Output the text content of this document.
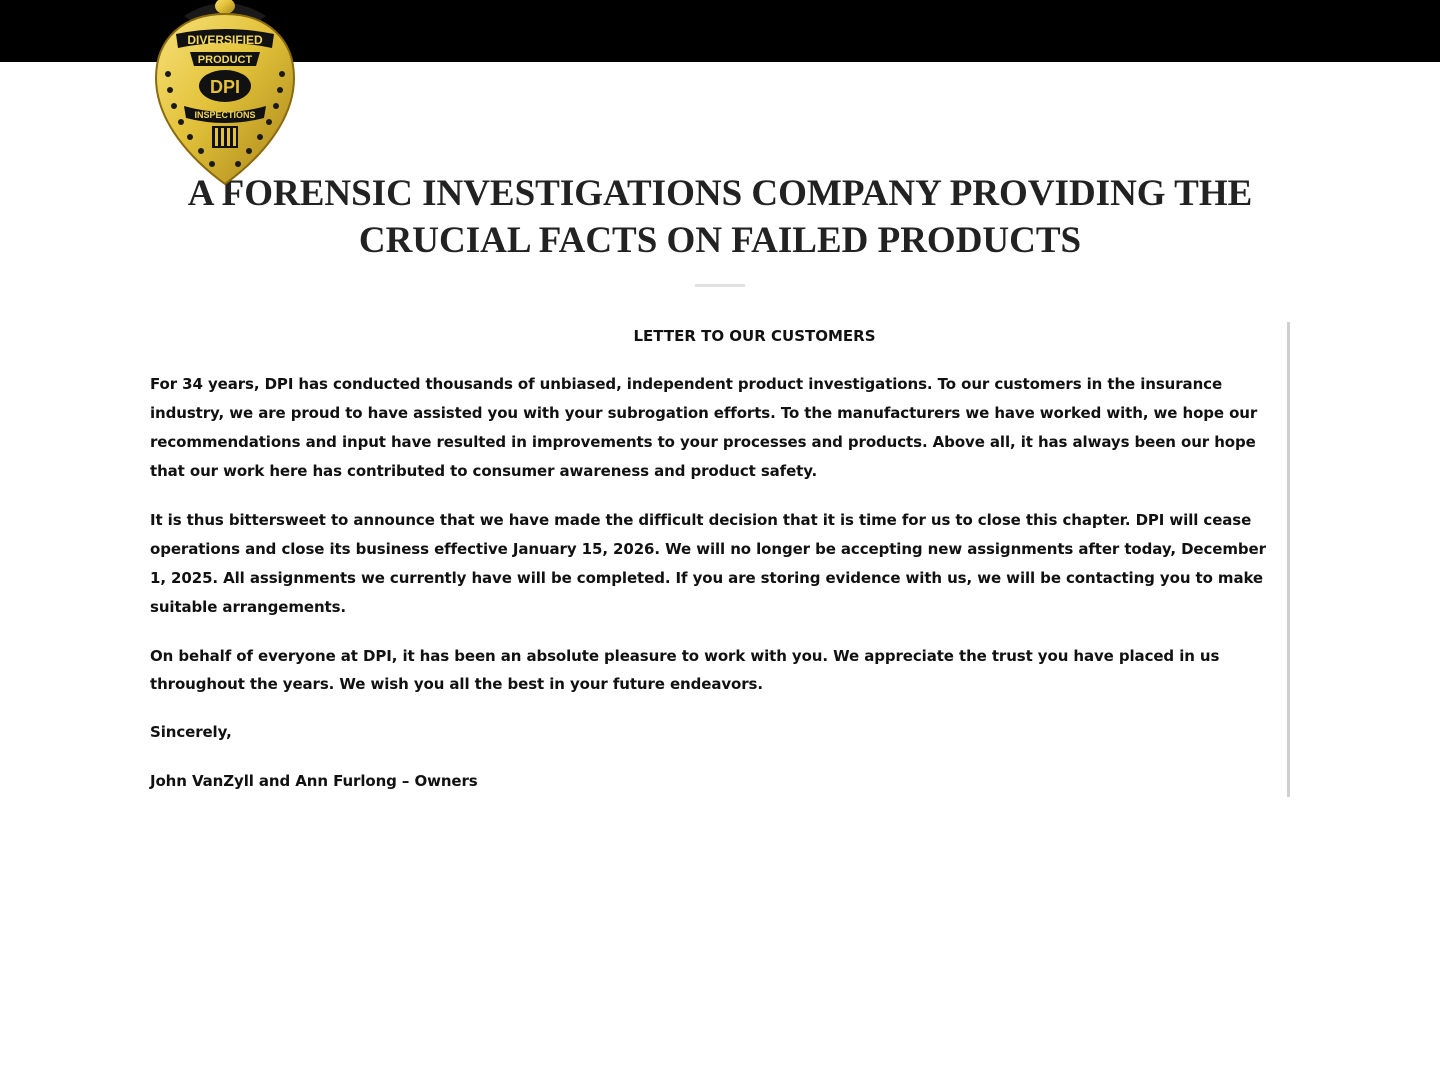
DIVERSIFIED
PRODUCT
DPI
INSPECTIONS
A FORENSIC INVESTIGATIONS COMPANY PROVIDING THE
CRUCIAL FACTS ON FAILED PRODUCTS
LETTER TO OUR CUSTOMERS

For 34 years, DPI has conducted thousands of unbiased, independent product investigations. To our customers in the insurance industry, we are proud to have assisted you with your subrogation efforts. To the manufacturers we have worked with, we hope our recommendations and input have resulted in improvements to your processes and products. Above all, it has always been our hope that our work here has contributed to consumer awareness and product safety.

It is thus bittersweet to announce that we have made the difficult decision that it is time for us to close this chapter. DPI will cease operations and close its business effective January 15, 2026. We will no longer be accepting new assignments after today, December 1, 2025. All assignments we currently have will be completed. If you are storing evidence with us, we will be contacting you to make suitable arrangements.

On behalf of everyone at DPI, it has been an absolute pleasure to work with you. We appreciate the trust you have placed in us throughout the years. We wish you all the best in your future endeavors.

Sincerely,

John VanZyll and Ann Furlong – Owners
